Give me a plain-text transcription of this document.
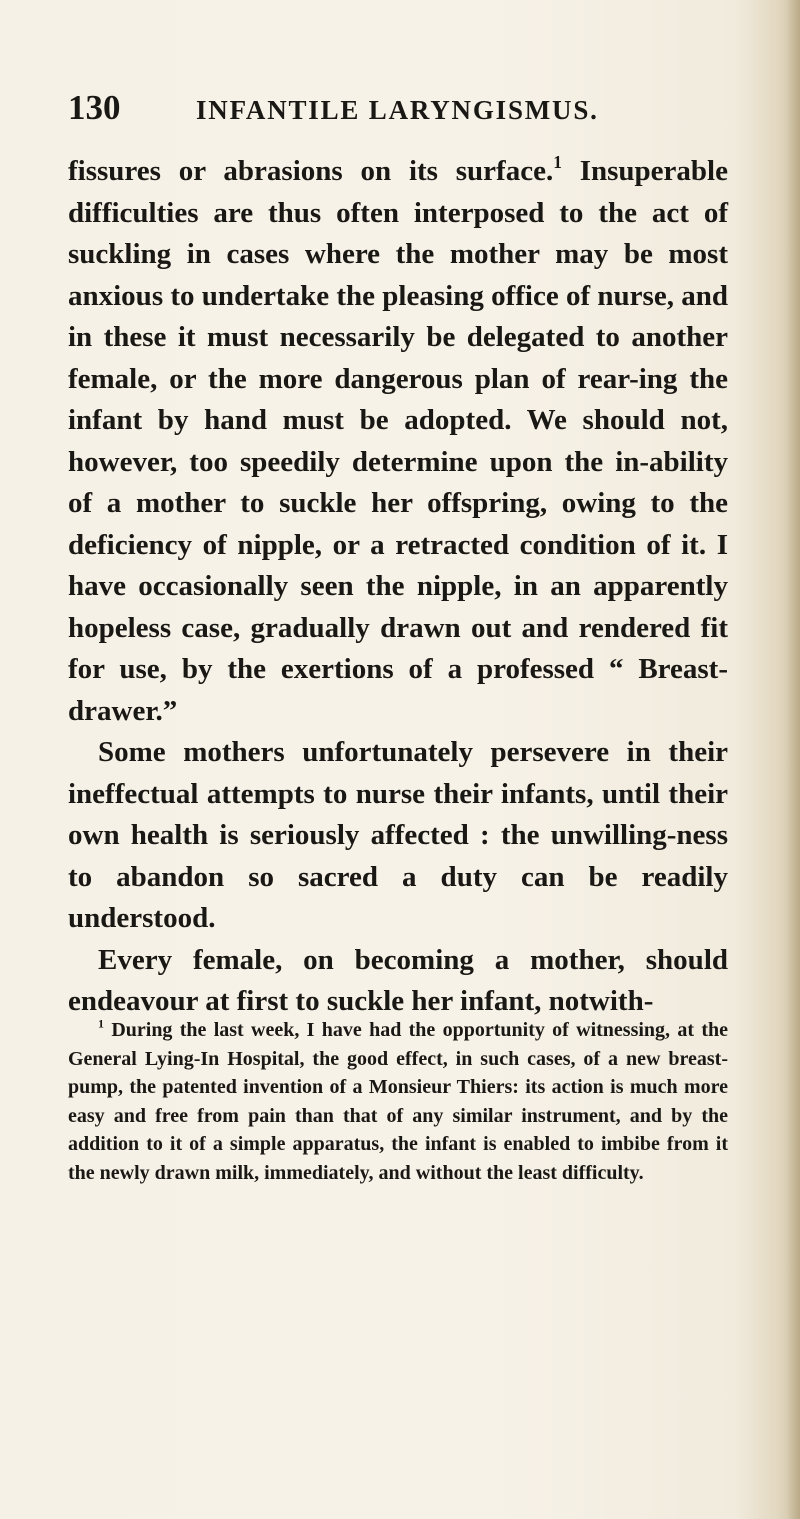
130	INFANTILE LARYNGISMUS.

fissures or abrasions on its surface.$^1$ Insuperable difficulties are thus often interposed to the act of suckling in cases where the mother may be most anxious to undertake the pleasing office of nurse, and in these it must necessarily be delegated to another female, or the more dangerous plan of rear-ing the infant by hand must be adopted. We should not, however, too speedily determine upon the in-ability of a mother to suckle her offspring, owing to the deficiency of nipple, or a retracted condition of it. I have occasionally seen the nipple, in an apparently hopeless case, gradually drawn out and rendered fit for use, by the exertions of a professed “ Breast-drawer.”

Some mothers unfortunately persevere in their ineffectual attempts to nurse their infants, until their own health is seriously affected : the unwilling-ness to abandon so sacred a duty can be readily understood.

Every female, on becoming a mother, should endeavour at first to suckle her infant, notwith-

$^1$ During the last week, I have had the opportunity of witnessing, at the General Lying-In Hospital, the good effect, in such cases, of a new breast-pump, the patented invention of a Monsieur Thiers: its action is much more easy and free from pain than that of any similar instrument, and by the addition to it of a simple apparatus, the infant is enabled to imbibe from it the newly drawn milk, immediately, and without the least difficulty.
